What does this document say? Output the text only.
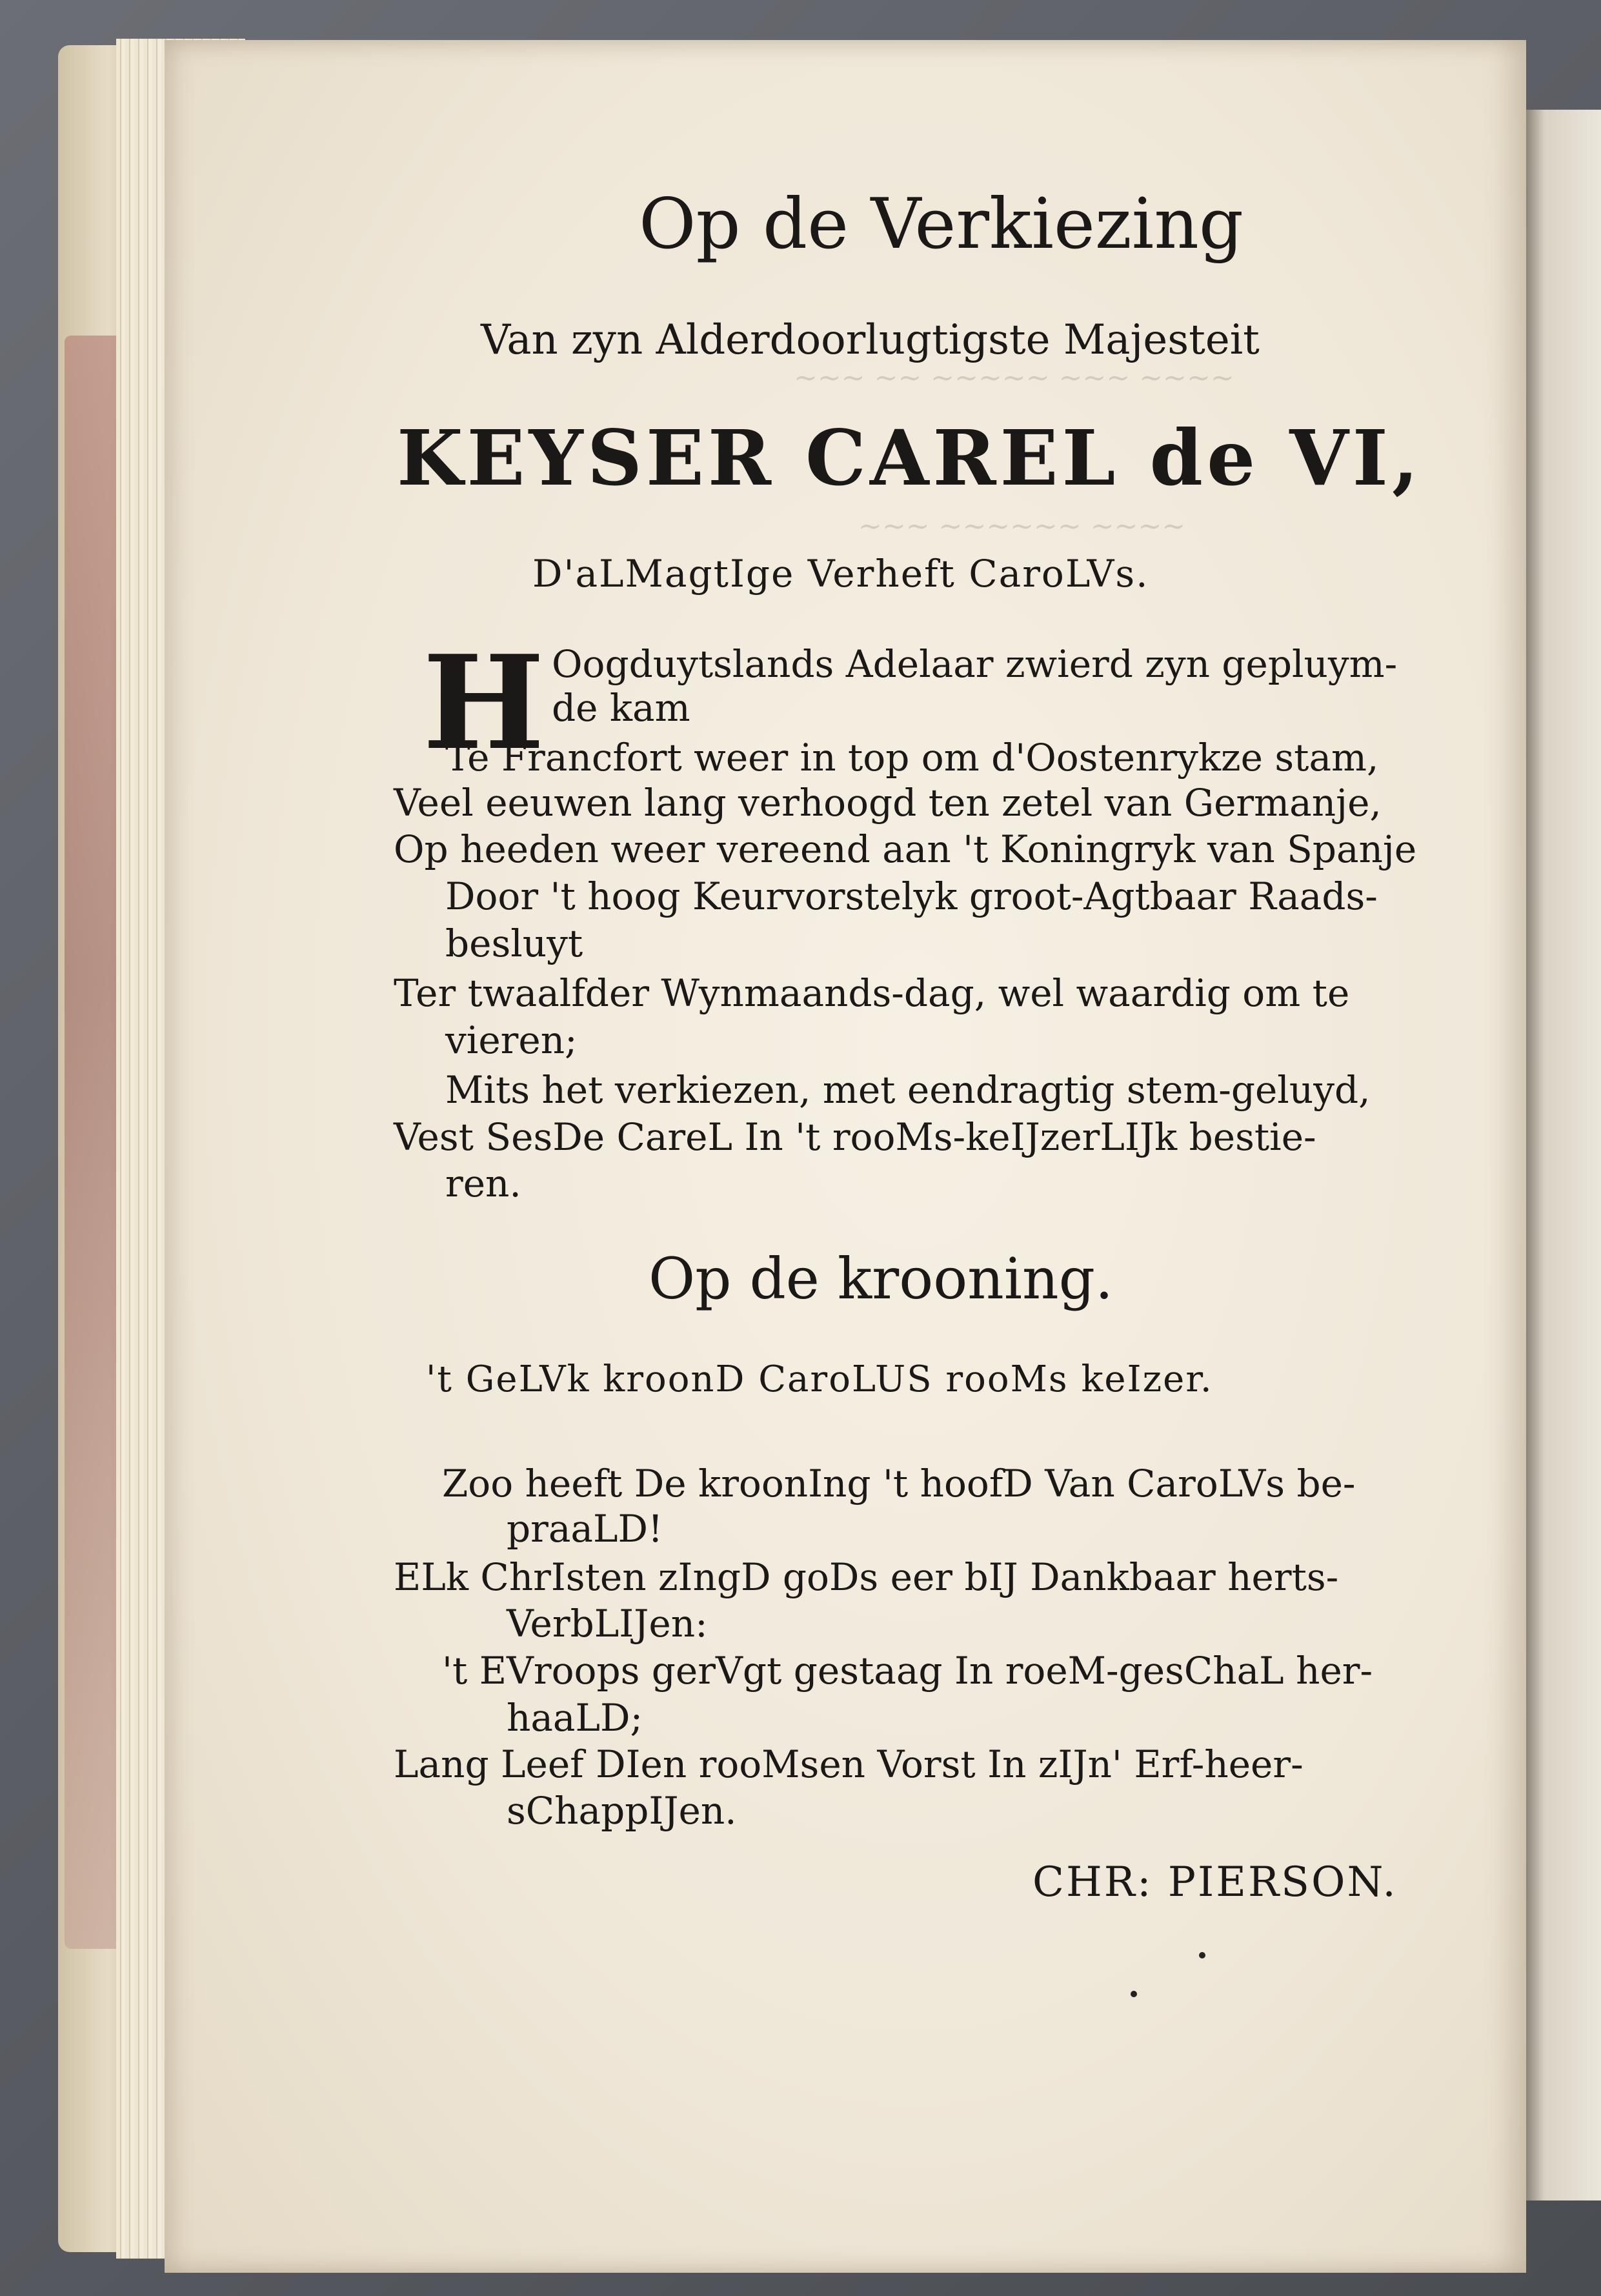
~~~ ~~ ~~~~~ ~~~ ~~~~
~~~ ~~~~~~ ~~~~
Op de Verkiezing
Van zyn Alderdoorlugtigste Majesteit
KEYSER CAREL de VI,
D'aLMagtIge Verheft CaroLVs.
H Oogduytslands Adelaar zwierd zyn gepluym-
de kam
Te Francfort weer in top om d'Oostenrykze stam,
Veel eeuwen lang verhoogd ten zetel van Germanje,
Op heeden weer vereend aan 't Koningryk van Spanje
Door 't hoog Keurvorstelyk groot-Agtbaar Raads-
besluyt
Ter twaalfder Wynmaands-dag, wel waardig om te
vieren;
Mits het verkiezen, met eendragtig stem-geluyd,
Vest SesDe CareL In 't rooMs-keIJzerLIJk bestie-
ren.
Op de krooning.
't GeLVk kroonD CaroLUS rooMs keIzer.
Zoo heeft De kroonIng 't hoofD Van CaroLVs be-
praaLD!
ELk ChrIsten zIngD goDs eer bIJ Dankbaar herts-
VerbLIJen:
't EVroops gerVgt gestaag In roeM-gesChaL her-
haaLD;
Lang Leef DIen rooMsen Vorst In zIJn' Erf-heer-
sChappIJen.
CHR: PIERSON.
